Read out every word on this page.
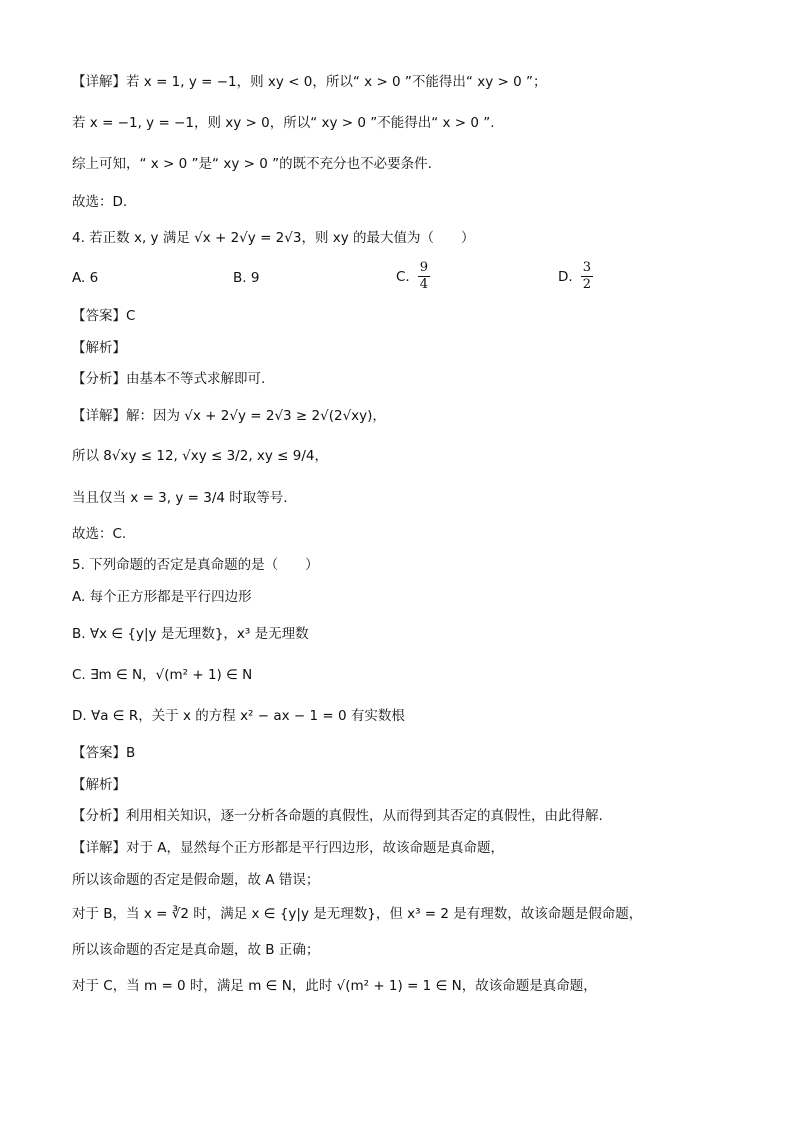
【详解】若 x = 1, y = −1，则 xy < 0，所以“ x > 0 ”不能得出“ xy > 0 ”；
若 x = −1, y = −1，则 xy > 0，所以“ xy > 0 ”不能得出“ x > 0 ”.
综上可知，“ x > 0 ”是“ xy > 0 ”的既不充分也不必要条件.
故选：D.
4. 若正数 x, y 满足 √x + 2√y = 2√3，则 xy 的最大值为（　　）
A. 6	B. 9	C. $\frac{9}{4}$	D. $\frac{3}{2}$
【答案】C
【解析】
【分析】由基本不等式求解即可.
【详解】解：因为 √x + 2√y = 2√3 ≥ 2√(2√xy)，
所以 8√xy ≤ 12, √xy ≤ 3/2, xy ≤ 9/4，
当且仅当 x = 3, y = 3/4 时取等号.
故选：C.
5. 下列命题的否定是真命题的是（　　）
A. 每个正方形都是平行四边形
B. ∀x ∈ {y|y 是无理数}，x³ 是无理数
C. ∃m ∈ N，√(m² + 1) ∈ N
D. ∀a ∈ R，关于 x 的方程 x² − ax − 1 = 0 有实数根
【答案】B
【解析】
【分析】利用相关知识，逐一分析各命题的真假性，从而得到其否定的真假性，由此得解.
【详解】对于 A，显然每个正方形都是平行四边形，故该命题是真命题，
所以该命题的否定是假命题，故 A 错误；
对于 B，当 x = ∛2 时，满足 x ∈ {y|y 是无理数}，但 x³ = 2 是有理数，故该命题是假命题，
所以该命题的否定是真命题，故 B 正确；
对于 C，当 m = 0 时，满足 m ∈ N，此时 √(m² + 1) = 1 ∈ N，故该命题是真命题，
